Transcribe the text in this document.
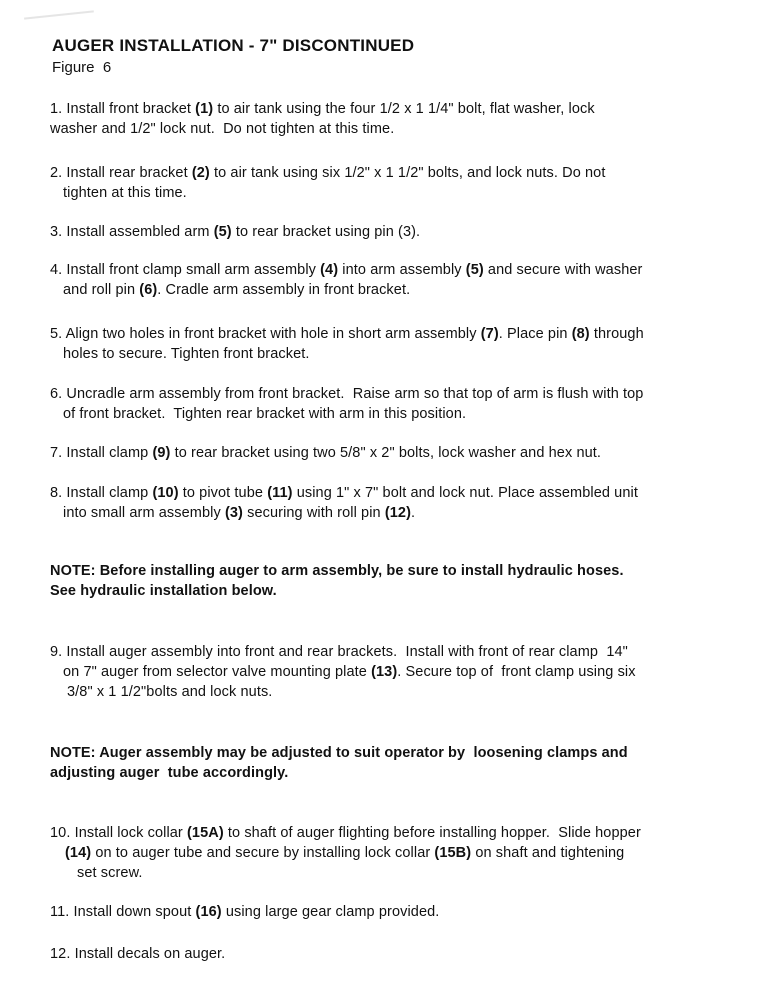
AUGER INSTALLATION - 7" DISCONTINUED
Figure  6
1. Install front bracket (1) to air tank using the four 1/2 x 1 1/4" bolt, flat washer, lock
washer and 1/2" lock nut.  Do not tighten at this time.
2. Install rear bracket (2) to air tank using six 1/2" x 1 1/2" bolts, and lock nuts. Do not
tighten at this time.
3. Install assembled arm (5) to rear bracket using pin (3).
4. Install front clamp small arm assembly (4) into arm assembly (5) and secure with washer
and roll pin (6). Cradle arm assembly in front bracket.
5. Align two holes in front bracket with hole in short arm assembly (7). Place pin (8) through
holes to secure. Tighten front bracket.
6. Uncradle arm assembly from front bracket.  Raise arm so that top of arm is flush with top
of front bracket.  Tighten rear bracket with arm in this position.
7. Install clamp (9) to rear bracket using two 5/8" x 2" bolts, lock washer and hex nut.
8. Install clamp (10) to pivot tube (11) using 1" x 7" bolt and lock nut. Place assembled unit
into small arm assembly (3) securing with roll pin (12).
NOTE: Before installing auger to arm assembly, be sure to install hydraulic hoses.
See hydraulic installation below.
9. Install auger assembly into front and rear brackets.  Install with front of rear clamp  14"
on 7" auger from selector valve mounting plate (13). Secure top of  front clamp using six
3/8" x 1 1/2"bolts and lock nuts.
NOTE: Auger assembly may be adjusted to suit operator by  loosening clamps and
adjusting auger  tube accordingly.
10. Install lock collar (15A) to shaft of auger flighting before installing hopper.  Slide hopper
(14) on to auger tube and secure by installing lock collar (15B) on shaft and tightening
set screw.
11. Install down spout (16) using large gear clamp provided.
12. Install decals on auger.
